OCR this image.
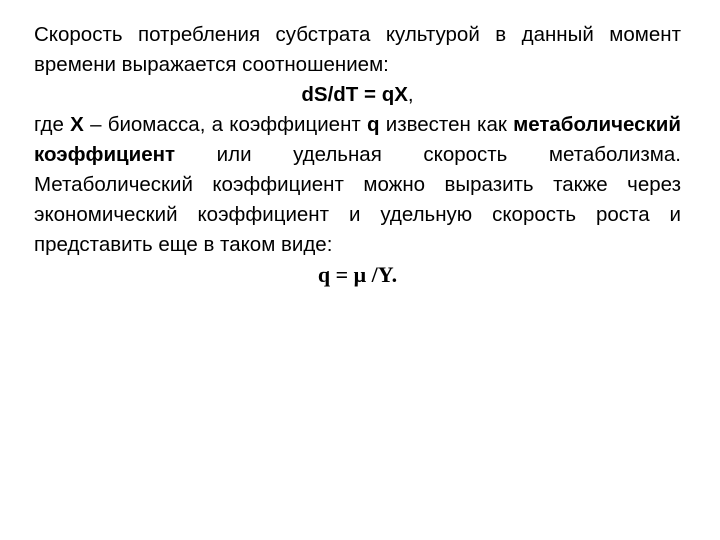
Скорость потребления субстрата культурой в данный момент времени выражается соотношением:

dS/dT = qX,

где X – биомасса, а коэффициент q известен как метаболический коэффициент или удельная скорость метаболизма. Метаболический коэффициент можно выразить также через экономический коэффициент и удельную скорость роста и представить еще в таком виде:

q = μ /Y.
